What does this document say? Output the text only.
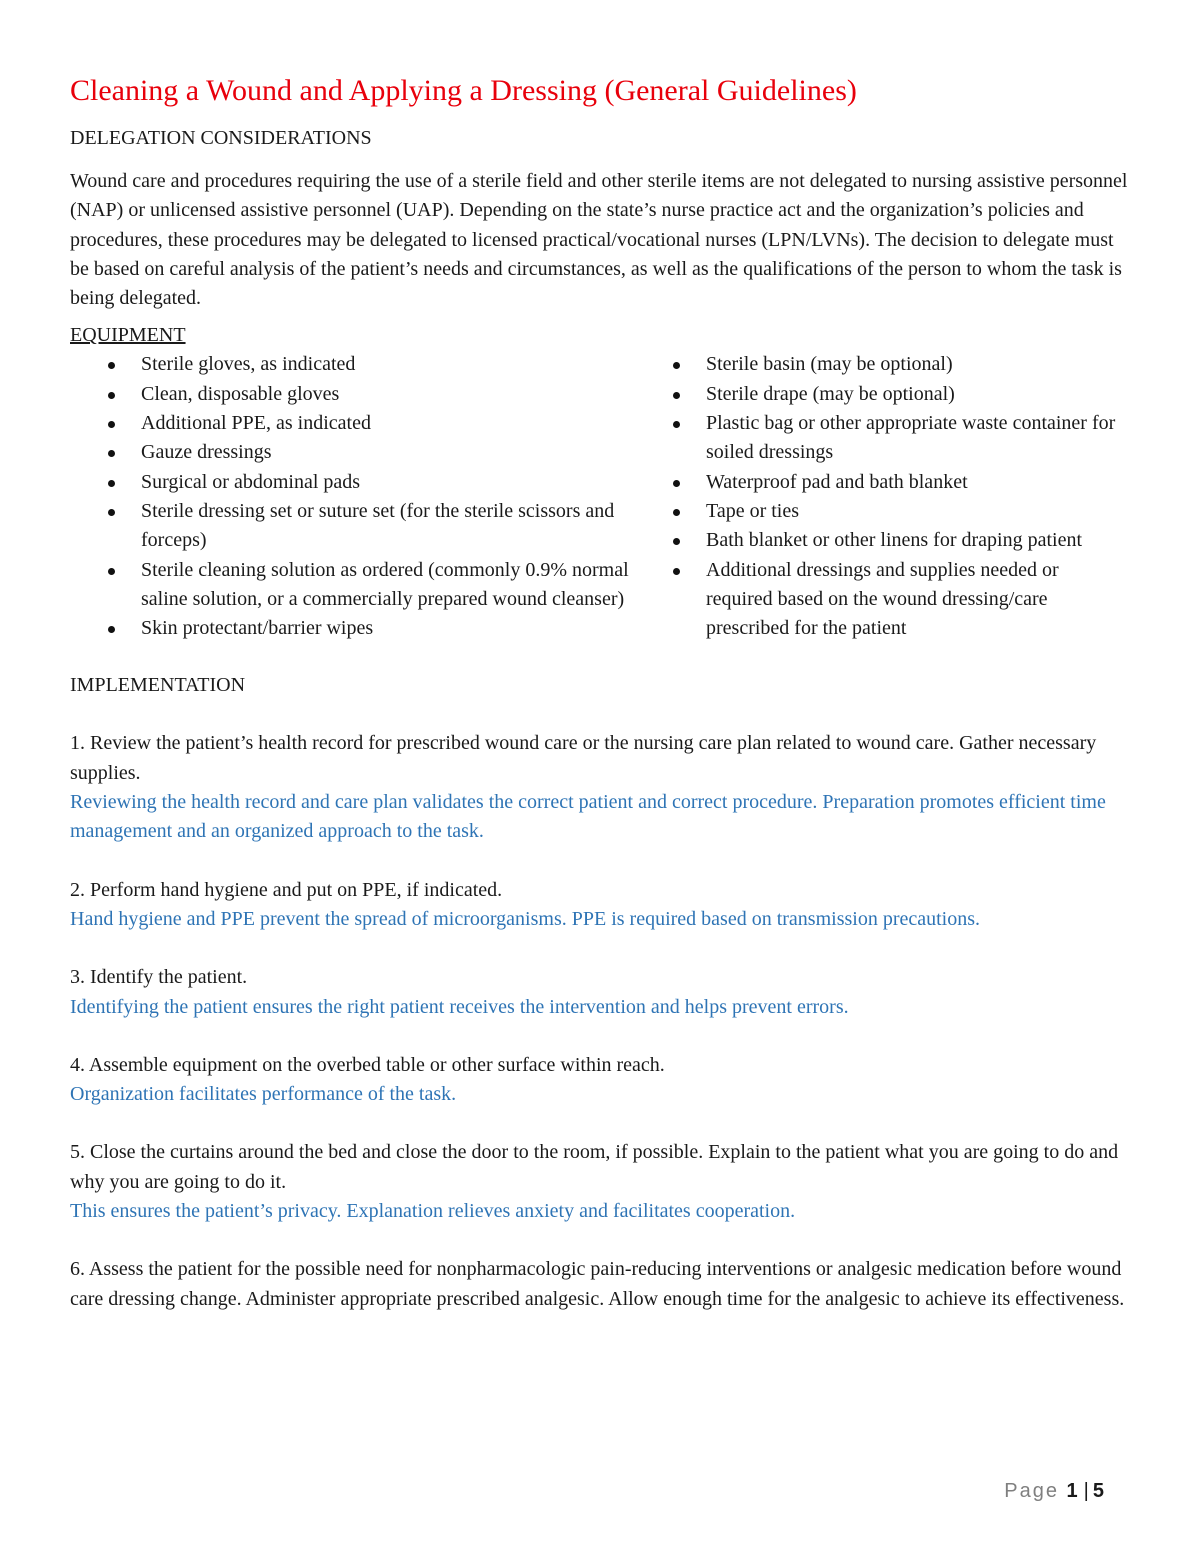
Cleaning a Wound and Applying a Dressing (General Guidelines)
DELEGATION CONSIDERATIONS

Wound care and procedures requiring the use of a sterile field and other sterile items are not delegated to nursing assistive personnel (NAP) or unlicensed assistive personnel (UAP). Depending on the state’s nurse practice act and the organization’s policies and procedures, these procedures may be delegated to licensed practical/vocational nurses (LPN/LVNs). The decision to delegate must be based on careful analysis of the patient’s needs and circumstances, as well as the qualifications of the person to whom the task is being delegated.

EQUIPMENT
Sterile gloves, as indicated
Clean, disposable gloves
Additional PPE, as indicated
Gauze dressings
Surgical or abdominal pads
Sterile dressing set or suture set (for the sterile scissors and forceps)
Sterile cleaning solution as ordered (commonly 0.9% normal saline solution, or a commercially prepared wound cleanser)
Skin protectant/barrier wipes
Sterile basin (may be optional)
Sterile drape (may be optional)
Plastic bag or other appropriate waste container for soiled dressings
Waterproof pad and bath blanket
Tape or ties
Bath blanket or other linens for draping patient
Additional dressings and supplies needed or required based on the wound dressing/care prescribed for the patient
IMPLEMENTATION
1. Review the patient’s health record for prescribed wound care or the nursing care plan related to wound care. Gather necessary supplies.
Reviewing the health record and care plan validates the correct patient and correct procedure. Preparation promotes efficient time management and an organized approach to the task.
2. Perform hand hygiene and put on PPE, if indicated.
Hand hygiene and PPE prevent the spread of microorganisms. PPE is required based on transmission precautions.
3. Identify the patient.
Identifying the patient ensures the right patient receives the intervention and helps prevent errors.
4. Assemble equipment on the overbed table or other surface within reach.
Organization facilitates performance of the task.
5. Close the curtains around the bed and close the door to the room, if possible. Explain to the patient what you are going to do and why you are going to do it.
This ensures the patient’s privacy. Explanation relieves anxiety and facilitates cooperation.
6. Assess the patient for the possible need for nonpharmacologic pain-reducing interventions or analgesic medication before wound care dressing change. Administer appropriate prescribed analgesic. Allow enough time for the analgesic to achieve its effectiveness.
Page 1 | 5
